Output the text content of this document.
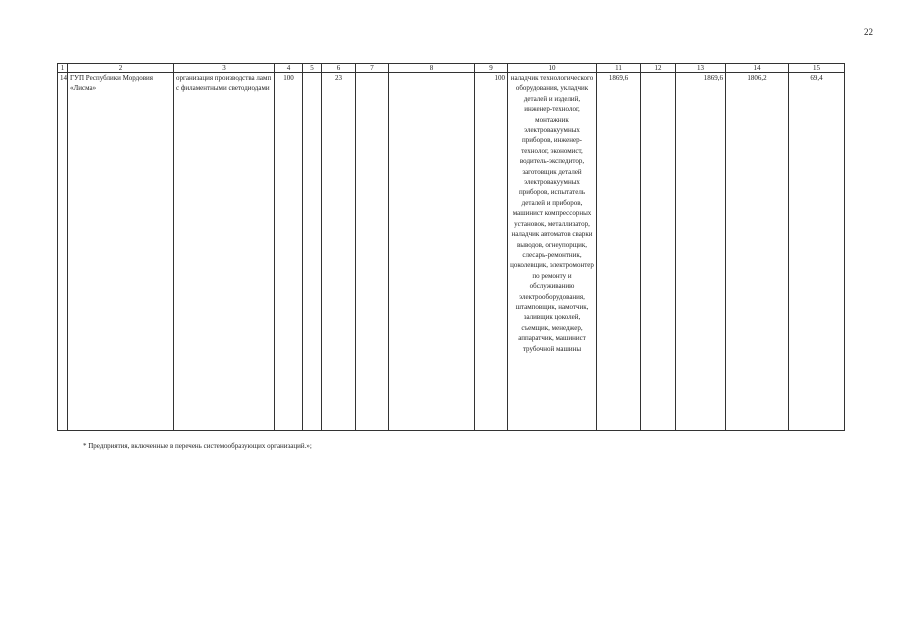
22
1	2	3	4	5	6	7	8	9	10	11	12	13	14	15
14	ГУП Республики Мордовия «Лисма»	организация производства ламп с филаментными светодиодами	100		23			100	наладчик технологического оборудования, укладчик деталей и изделий, инженер-технолог, монтажник электровакуумных приборов, инженер-технолог, экономист, водитель-экспедитор, заготовщик деталей электровакуумных приборов, испытатель деталей и приборов, машинист компрессорных установок, металлизатор, наладчик автоматов сварки выводов, огнеупорщик, слесарь-ремонтник, цоколевщик, электромонтер по ремонту и обслуживанию электрооборудования, штамповщик, намотчик, заливщик цоколей, съемщик, менеджер, аппаратчик, машинист трубочной машины	1869,6		1869,6	1806,2	69,4
* Предприятия, включенные в перечень системообразующих организаций.»;
